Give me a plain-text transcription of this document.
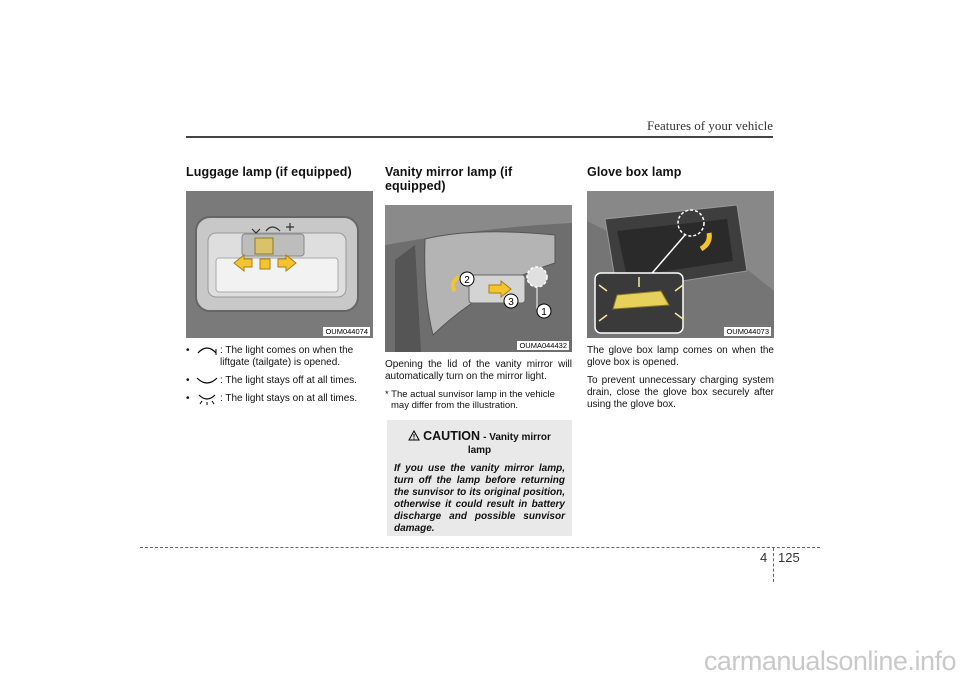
Features of your vehicle
Luggage lamp (if equipped)
OUM044074
•	: The light comes on when the liftgate (tailgate) is opened.
•	: The light stays off at all times.
•	: The light stays on at all times.
Vanity mirror lamp (if equipped)
2
3
1
OUMA044432

Opening the lid of the vanity mirror will automatically turn on the mirror light.

* The actual sunvisor lamp in the vehicle may differ from the illustration.
CAUTION - Vanity mirror
lamp
If you use the vanity mirror lamp, turn off the lamp before returning the sunvisor to its original position, otherwise it could result in battery discharge and possible sunvisor damage.
Glove box lamp
OUM044073

The glove box lamp comes on when the glove box is opened.

To prevent unnecessary charging system drain, close the glove box securely after using the glove box.

4 125
carmanualsonline.info
